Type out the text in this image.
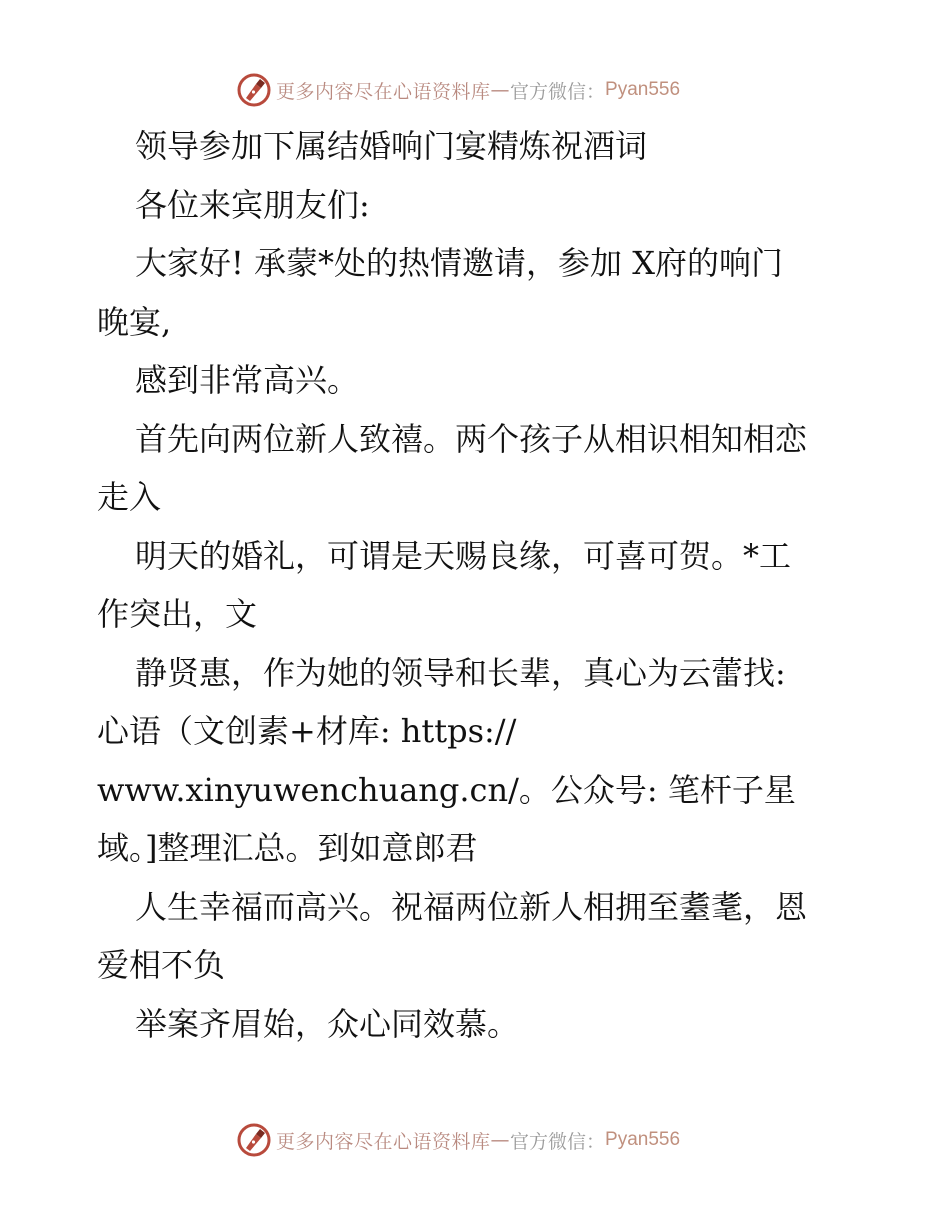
更多内容尽在心语资料库 — 官方微信： Pyan556
领导参加下属结婚响门宴精炼祝酒词
各位来宾朋友们:
大家好! 承蒙*处的热情邀请，参加 X府的响门
晚宴,
感到非常高兴。
首先向两位新人致禧。两个孩子从相识相知相恋
走入
明天的婚礼，可谓是天赐良缘，可喜可贺。*工
作突出，文
静贤惠，作为她的领导和长辈，真心为云蕾找:
心语（文创素+材库: https://
www.xinyuwenchuang.cn/。公众号: 笔杆子星
域。]整理汇总。到如意郎君
人生幸福而高兴。祝福两位新人相拥至耋耄，恩
爱相不负
举案齐眉始，众心同效慕。
更多内容尽在心语资料库 — 官方微信： Pyan556
